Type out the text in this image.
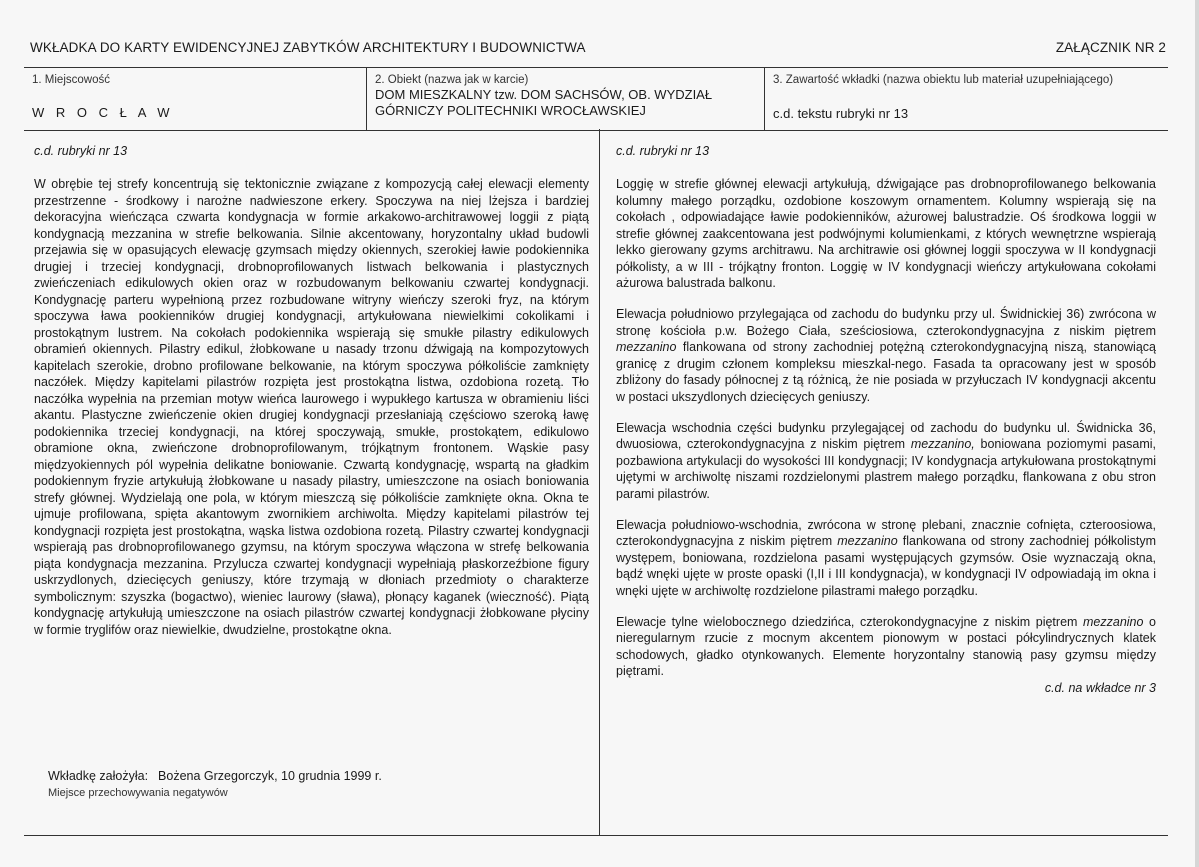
WKŁADKA DO KARTY EWIDENCYJNEJ ZABYTKÓW ARCHITEKTURY I BUDOWNICTWA	ZAŁĄCZNIK NR 2
1. Miejscowość
W R O C Ł A W
2. Obiekt (nazwa jak w karcie)
DOM MIESZKALNY tzw. DOM SACHSÓW, OB. WYDZIAŁ GÓRNICZY POLITECHNIKI WROCŁAWSKIEJ
3. Zawartość wkładki (nazwa obiektu lub materiał uzupełniającego)
c.d. tekstu rubryki nr 13
c.d. rubryki nr 13

W obrębie tej strefy koncentrują się tektonicznie związane z kompozycją całej elewacji elementy przestrzenne - środkowy i narożne nadwieszone erkery. Spoczywa na niej lżejsza i bardziej dekoracyjna wieńcząca czwarta kondygnacja w formie arkakowo-architrawowej loggii z piątą kondygnacją mezzanina w strefie belkowania. Silnie akcentowany, horyzontalny układ budowli przejawia się w opasujących elewację gzymsach między okiennych, szerokiej ławie podokiennika drugiej i trzeciej kondygnacji, drobnoprofilowanych listwach belkowania i plastycznych zwieńczeniach edikulowych okien oraz w rozbudowanym belkowaniu czwartej kondygnacji. Kondygnację parteru wypełnioną przez rozbudowane witryny wieńczy szeroki fryz, na którym spoczywa ława pookienników drugiej kondygnacji, artykułowana niewielkimi cokolikami i prostokątnym lustrem. Na cokołach podokiennika wspierają się smukłe pilastry edikulowych obramień okiennych. Pilastry edikul, żłobkowane u nasady trzonu dźwigają na kompozytowych kapitelach szerokie, drobno profilowane belkowanie, na którym spoczywa półkoliście zamknięty naczółek. Między kapitelami pilastrów rozpięta jest prostokątna listwa, ozdobiona rozetą. Tło naczółka wypełnia na przemian motyw wieńca laurowego i wypukłego kartusza w obramieniu liści akantu. Plastyczne zwieńczenie okien drugiej kondygnacji przesłaniają częściowo szeroką ławę podokiennika trzeciej kondygnacji, na której spoczywają, smukłe, prostokątem, edikulowo obramione okna, zwieńczone drobnoprofilowanym, trójkątnym frontonem. Wąskie pasy międzyokiennych pól wypełnia delikatne boniowanie. Czwartą kondygnację, wspartą na gładkim podokiennym fryzie artykułują żłobkowane u nasady pilastry, umieszczone na osiach boniowania strefy głównej. Wydzielają one pola, w którym mieszczą się półkoliście zamknięte okna. Okna te ujmuje profilowana, spięta akantowym zwornikiem archiwolta. Między kapitelami pilastrów tej kondygnacji rozpięta jest prostokątna, wąska listwa ozdobiona rozetą. Pilastry czwartej kondygnacji wspierają pas drobnoprofilowanego gzymsu, na którym spoczywa włączona w strefę belkowania piąta kondygnacja mezzanina. Przylucza czwartej kondygnacji wypełniają płaskorzeźbione figury uskrzydlonych, dziecięcych geniuszy, które trzymają w dłoniach przedmioty o charakterze symbolicznym: szyszka (bogactwo), wieniec laurowy (sława), płonący kaganek (wieczność). Piątą kondygnację artykułują umieszczone na osiach pilastrów czwartej kondygnacji żłobkowane płyciny w formie tryglifów oraz niewielkie, dwudzielne, prostokątne okna.

Wkładkę założyła: Bożena Grzegorczyk, 10 grudnia 1999 r.
Miejsce przechowywania negatywów
c.d. rubryki nr 13

Loggię w strefie głównej elewacji artykułują, dźwigające pas drobnoprofilowanego belkowania kolumny małego porządku, ozdobione koszowym ornamentem. Kolumny wspierają się na cokołach , odpowiadające ławie podokienników, ażurowej balustradzie. Oś środkowa loggii w strefie głównej zaakcentowana jest podwójnymi kolumienkami, z których wewnętrzne wspierają lekko gierowany gzyms architrawu. Na architrawie osi głównej loggii spoczywa w II kondygnacji półkolisty, a w III - trójkątny fronton. Loggię w IV kondygnacji wieńczy artykułowana cokołami ażurowa balustrada balkonu.

Elewacja południowo przylegająca od zachodu do budynku przy ul. Świdnickiej 36) zwrócona w stronę kościoła p.w. Bożego Ciała, sześciosiowa, czterokondygnacyjna z niskim piętrem mezzanino flankowana od strony zachodniej potężną czterokondygnacyjną niszą, stanowiącą granicę z drugim członem kompleksu mieszkal-nego. Fasada ta opracowany jest w sposób zbliżony do fasady północnej z tą różnicą, że nie posiada w przyłuczach IV kondygnacji akcentu w postaci ukszydlonych dziecięcych geniuszy.

Elewacja wschodnia części budynku przylegającej od zachodu do budynku ul. Świdnicka 36, dwuosiowa, czterokondygnacyjna z niskim piętrem mezzanino, boniowana poziomymi pasami, pozbawiona artykulacji do wysokości III kondygnacji; IV kondygnacja artykułowana prostokątnymi ujętymi w archiwoltę niszami rozdzielonymi plastrem małego porządku, flankowana z obu stron parami pilastrów.

Elewacja południowo-wschodnia, zwrócona w stronę plebani, znacznie cofnięta, czteroosiowa, czterokondygnacyjna z niskim piętrem mezzanino flankowana od strony zachodniej półkolistym występem, boniowana, rozdzielona pasami występujących gzymsów. Osie wyznaczają okna, bądź wnęki ujęte w proste opaski (I,II i III kondygnacja), w kondygnacji IV odpowiadają im okna i wnęki ujęte w archiwoltę rozdzielone pilastrami małego porządku.

Elewacje tylne wielobocznego dziedzińca, czterokondygnacyjne z niskim piętrem mezzanino o nieregularnym rzucie z mocnym akcentem pionowym w postaci półcylindrycznych klatek schodowych, gładko otynkowanych. Elemente horyzontalny stanowią pasy gzymsu między piętrami.

c.d. na wkładce nr 3
